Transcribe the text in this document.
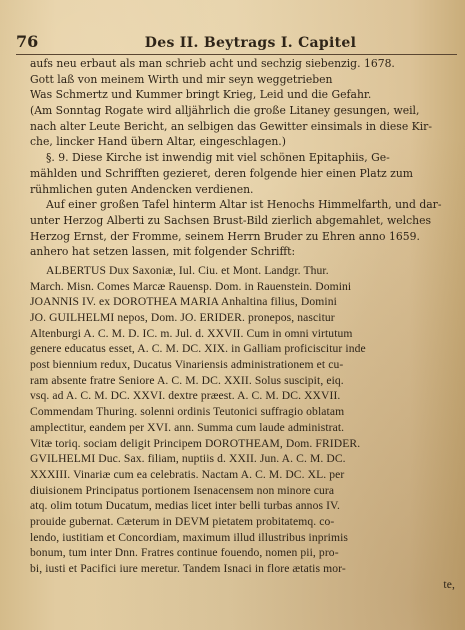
76	Des II. Beytrags I. Capitel
aufs neu erbaut als man schrieb acht und sechzig siebenzig. 1678.
Gott laß von meinem Wirth und mir seyn weggetrieben
Was Schmertz und Kummer bringt Krieg, Leid und die Gefahr.
(Am Sonntag Rogate wird alljährlich die große Litaney gesungen, weil,
nach alter Leute Bericht, an selbigen das Gewitter einsimals in diese Kir-
che, lincker Hand übern Altar, eingeschlagen.)
§. 9. Diese Kirche ist inwendig mit viel schönen Epitaphiis, Ge-
mählden und Schrifften gezieret, deren folgende hier einen Platz zum
rühmlichen guten Andencken verdienen.
Auf einer großen Tafel hinterm Altar ist Henochs Himmelfarth, und dar-
unter Herzog Alberti zu Sachsen Brust-Bild zierlich abgemahlet, welches
Herzog Ernst, der Fromme, seinem Herrn Bruder zu Ehren anno 1659.
anhero hat setzen lassen, mit folgender Schrifft:
ALBERTUS Dux Saxoniæ, Iul. Ciu. et Mont. Landgr. Thur.
March. Misn. Comes Marcæ Rauensp. Dom. in Rauenstein. Domini
JOANNIS IV. ex DOROTHEA MARIA Anhaltina filius, Domini
JO. GUILHELMI nepos, Dom. JO. ERIDER. pronepos, nascitur
Altenburgi A. C. M. D. IC. m. Jul. d. XXVII. Cum in omni virtutum
genere educatus esset, A. C. M. DC. XIX. in Galliam proficiscitur inde
post biennium redux, Ducatus Vinariensis administrationem et cu-
ram absente fratre Seniore A. C. M. DC. XXII. Solus suscipit, eiq.
vsq. ad A. C. M. DC. XXVI. dextre præest. A. C. M. DC. XXVII.
Commendam Thuring. solenni ordinis Teutonici suffragio oblatam
amplectitur, eandem per XVI. ann. Summa cum laude administrat.
Vitæ toriq. sociam deligit Principem DOROTHEAM, Dom. FRIDER.
GVILHELMI Duc. Sax. filiam, nuptiis d. XXII. Jun. A. C. M. DC.
XXXIII. Vinariæ cum ea celebratis. Nactam A. C. M. DC. XL. per
diuisionem Principatus portionem Isenacensem non minore cura
atq. olim totum Ducatum, medias licet inter belli turbas annos IV.
prouide gubernat. Cæterum in DEVM pietatem probitatemq. co-
lendo, iustitiam et Concordiam, maximum illud illustribus inprimis
bonum, tum inter Dnn. Fratres continue fouendo, nomen pii, pro-
bi, iusti et Pacifici iure meretur. Tandem Isnaci in flore ætatis mor-
te,
